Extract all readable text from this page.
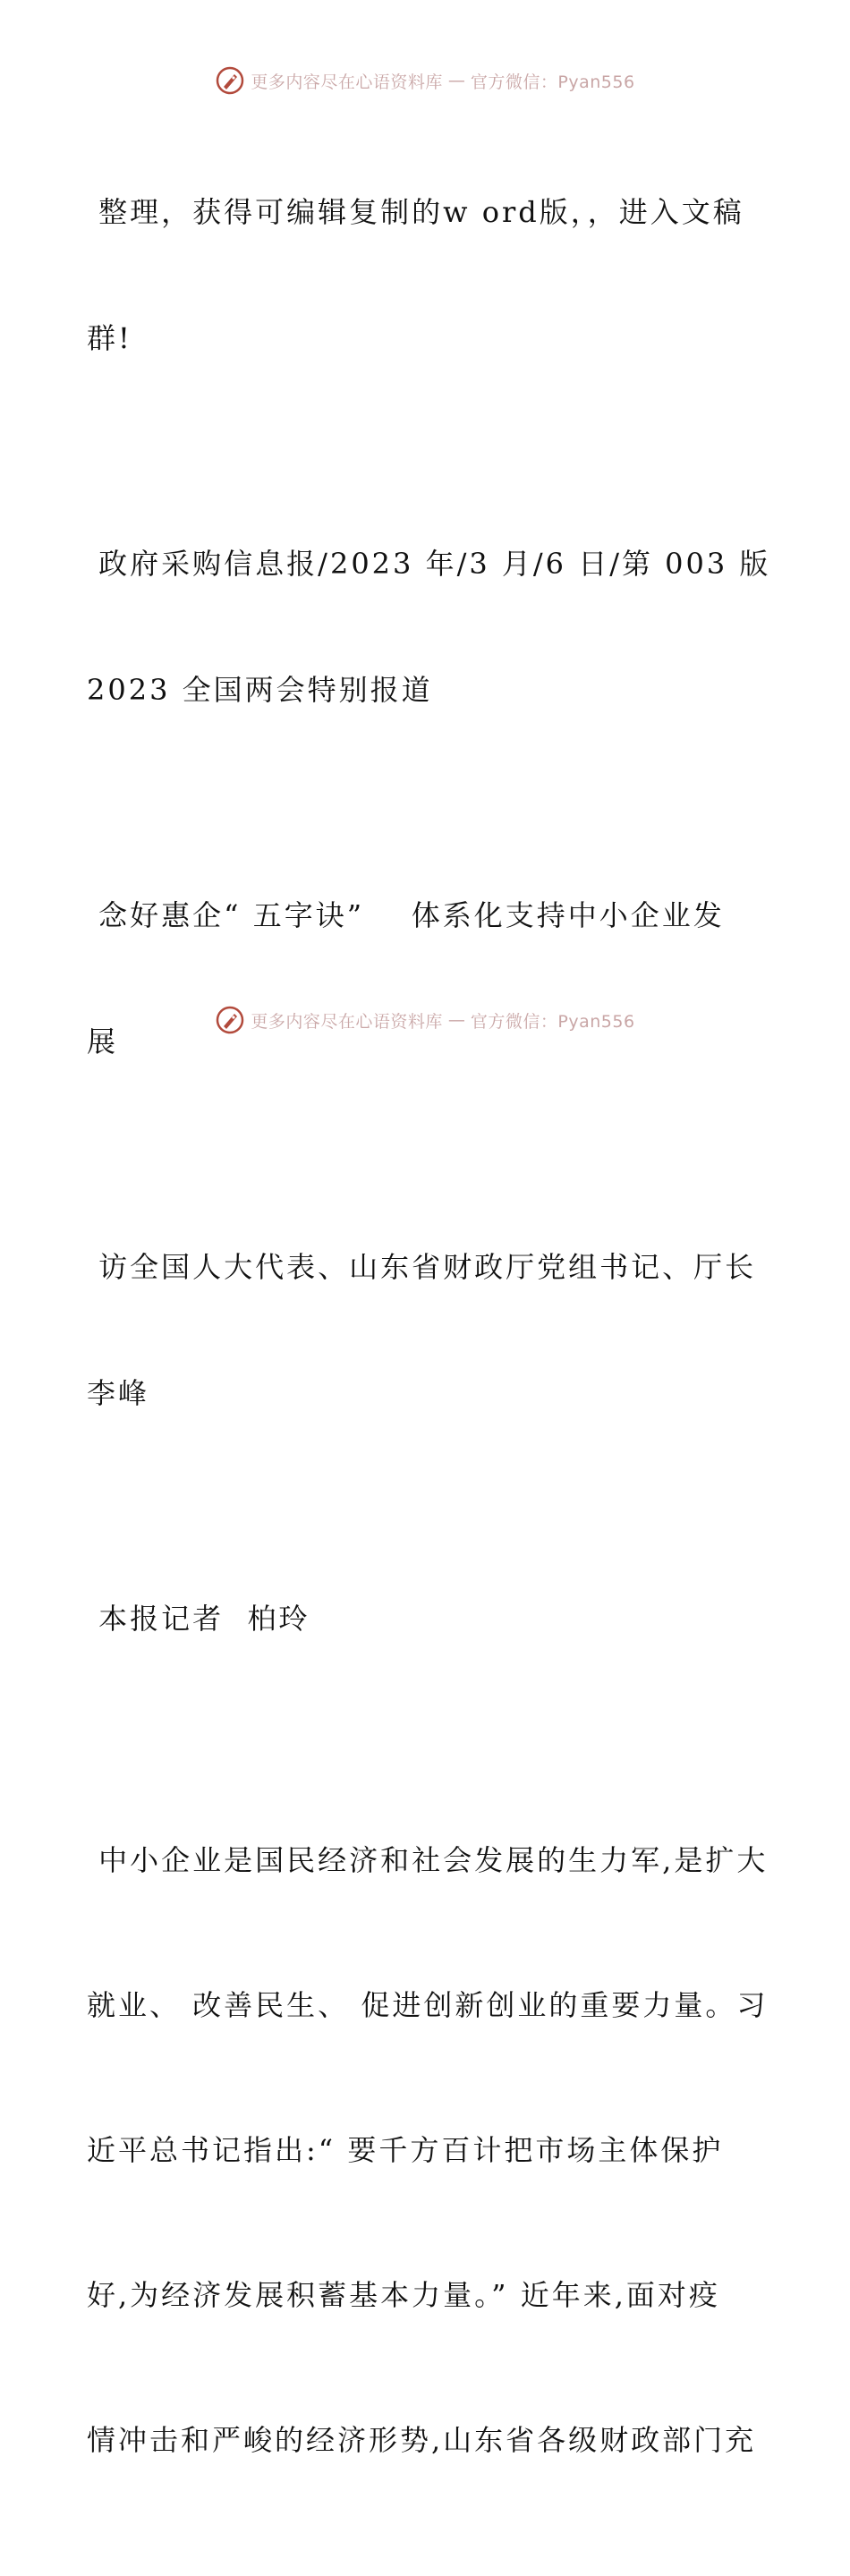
更多内容尽在心语资料库 — 官方微信：Pyan556

整理，获得可编辑复制的w ord版，，进入文稿

群!

政府采购信息报/2023 年/3 月/6 日/第 003 版

2023 全国两会特别报道

念好惠企“ 五字诀”    体系化支持中小企业发

展

访全国人大代表、山东省财政厅党组书记、厅长

李峰

本报记者  柏玲

中小企业是国民经济和社会发展的生力军,是扩大

就业、 改善民生、 促进创新创业的重要力量。习

近平总书记指出:“ 要千方百计把市场主体保护

好,为经济发展积蓄基本力量。” 近年来,面对疫

情冲击和严峻的经济形势,山东省各级财政部门充

更多内容尽在心语资料库 — 官方微信：Pyan556
